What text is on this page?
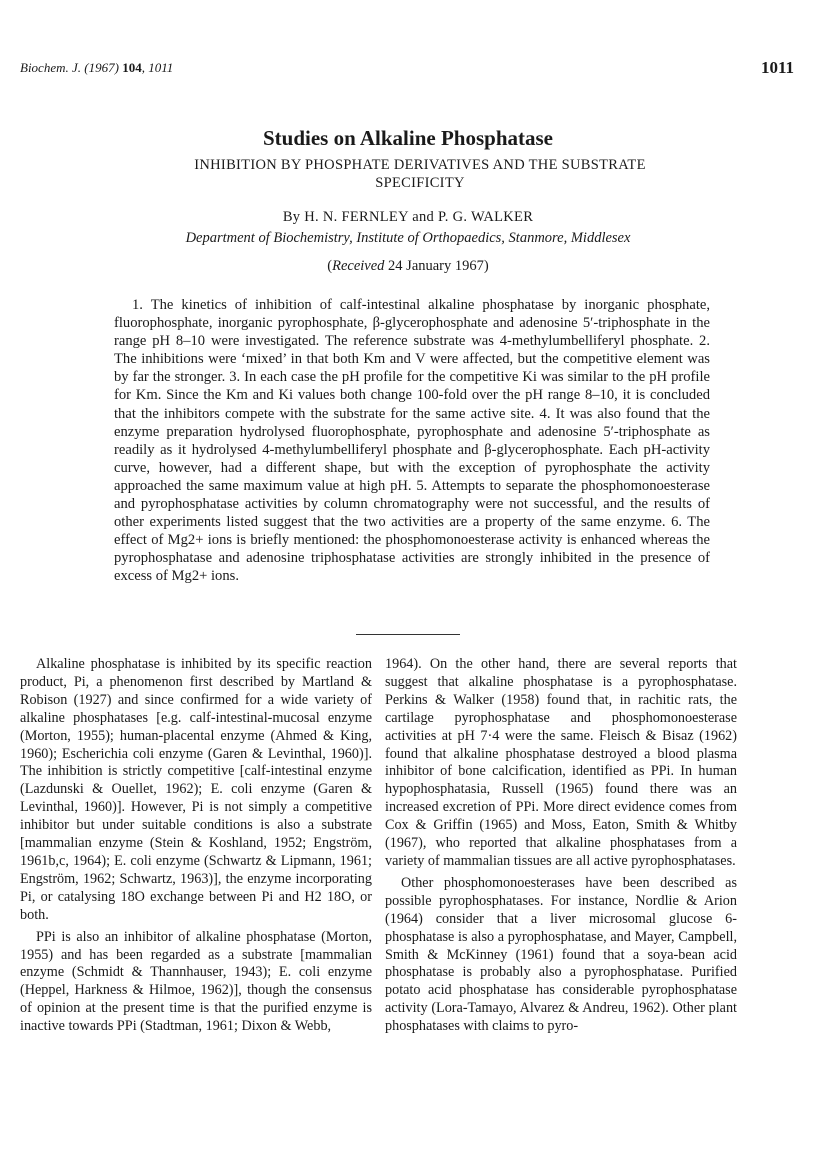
Biochem. J. (1967) 104, 1011	1011
Studies on Alkaline Phosphatase
INHIBITION BY PHOSPHATE DERIVATIVES AND THE SUBSTRATE SPECIFICITY
By H. N. FERNLEY and P. G. WALKER
Department of Biochemistry, Institute of Orthopaedics, Stanmore, Middlesex
(Received 24 January 1967)

1. The kinetics of inhibition of calf-intestinal alkaline phosphatase by inorganic phosphate, fluorophosphate, inorganic pyrophosphate, β-glycerophosphate and adenosine 5′-triphosphate in the range pH 8–10 were investigated. The reference substrate was 4-methylumbelliferyl phosphate. 2. The inhibitions were ‘mixed’ in that both Km and V were affected, but the competitive element was by far the stronger. 3. In each case the pH profile for the competitive Ki was similar to the pH profile for Km. Since the Km and Ki values both change 100-fold over the pH range 8–10, it is concluded that the inhibitors compete with the substrate for the same active site. 4. It was also found that the enzyme preparation hydrolysed fluorophosphate, pyrophosphate and adenosine 5′-triphosphate as readily as it hydrolysed 4-methylumbelliferyl phosphate and β-glycerophosphate. Each pH-activity curve, however, had a different shape, but with the exception of pyrophosphate the activity approached the same maximum value at high pH. 5. Attempts to separate the phosphomonoesterase and pyrophosphatase activities by column chromatography were not successful, and the results of other experiments listed suggest that the two activities are a property of the same enzyme. 6. The effect of Mg2+ ions is briefly mentioned: the phosphomonoesterase activity is enhanced whereas the pyrophosphatase and adenosine triphosphatase activities are strongly inhibited in the presence of excess of Mg2+ ions.

Alkaline phosphatase is inhibited by its specific reaction product, Pi, a phenomenon first described by Martland & Robison (1927) and since confirmed for a wide variety of alkaline phosphatases [e.g. calf-intestinal-mucosal enzyme (Morton, 1955); human-placental enzyme (Ahmed & King, 1960); Escherichia coli enzyme (Garen & Levinthal, 1960)]. The inhibition is strictly competitive [calf-intestinal enzyme (Lazdunski & Ouellet, 1962); E. coli enzyme (Garen & Levinthal, 1960)]. However, Pi is not simply a competitive inhibitor but under suitable conditions is also a substrate [mammalian enzyme (Stein & Koshland, 1952; Engström, 1961b,c, 1964); E. coli enzyme (Schwartz & Lipmann, 1961; Engström, 1962; Schwartz, 1963)], the enzyme incorporating Pi, or catalysing 18O exchange between Pi and H2 18O, or both.

PPi is also an inhibitor of alkaline phosphatase (Morton, 1955) and has been regarded as a substrate [mammalian enzyme (Schmidt & Thannhauser, 1943); E. coli enzyme (Heppel, Harkness & Hilmoe, 1962)], though the consensus of opinion at the present time is that the purified enzyme is inactive towards PPi (Stadtman, 1961; Dixon & Webb,

1964). On the other hand, there are several reports that suggest that alkaline phosphatase is a pyrophosphatase. Perkins & Walker (1958) found that, in rachitic rats, the cartilage pyrophosphatase and phosphomonoesterase activities at pH 7·4 were the same. Fleisch & Bisaz (1962) found that alkaline phosphatase destroyed a blood plasma inhibitor of bone calcification, identified as PPi. In human hypophosphatasia, Russell (1965) found there was an increased excretion of PPi. More direct evidence comes from Cox & Griffin (1965) and Moss, Eaton, Smith & Whitby (1967), who reported that alkaline phosphatases from a variety of mammalian tissues are all active pyrophosphatases.

Other phosphomonoesterases have been described as possible pyrophosphatases. For instance, Nordlie & Arion (1964) consider that a liver microsomal glucose 6-phosphatase is also a pyrophosphatase, and Mayer, Campbell, Smith & McKinney (1961) found that a soya-bean acid phosphatase is probably also a pyrophosphatase. Purified potato acid phosphatase has considerable pyrophosphatase activity (Lora-Tamayo, Alvarez & Andreu, 1962). Other plant phosphatases with claims to pyro-
